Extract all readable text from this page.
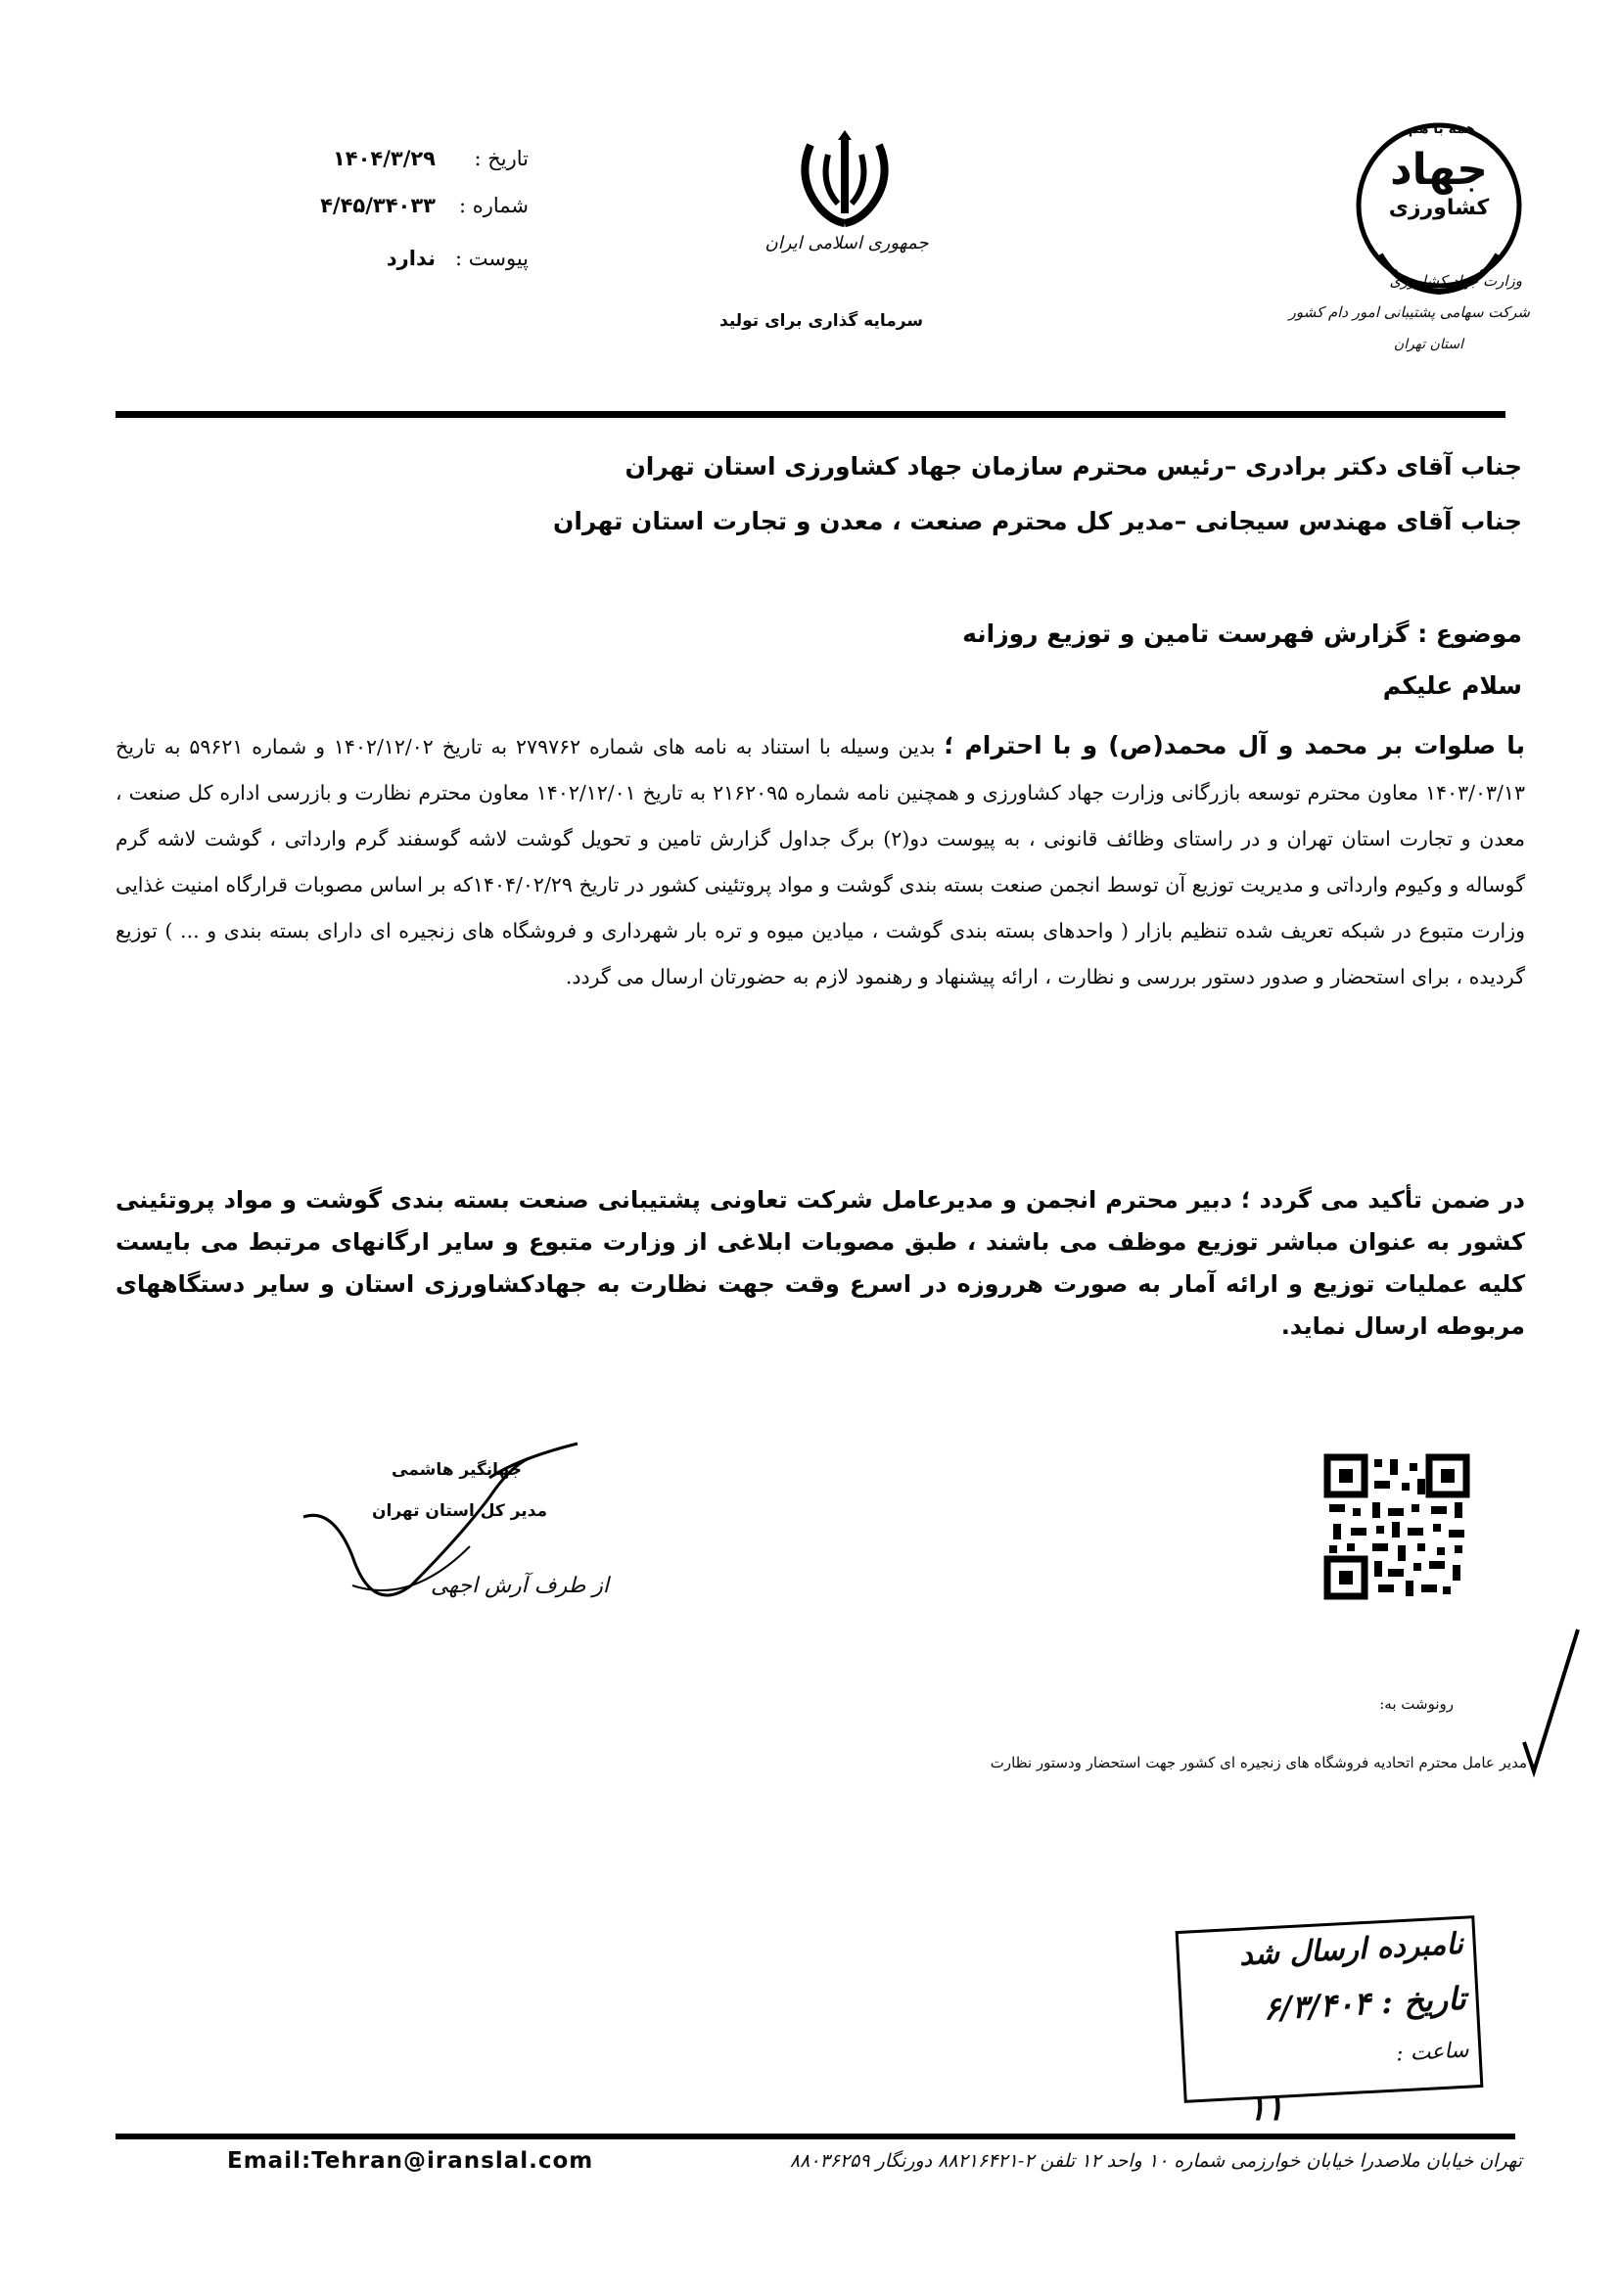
همه با هم
جهاد
کشاورزی
وزارت جهاد کشاورزی
شرکت سهامی پشتیبانی امور دام کشور
استان تهران
جمهوری اسلامی ایران
سرمایه گذاری برای تولید
تاریخ :
۱۴۰۴/۳/۲۹
شماره :
۴/۴۵/۳۴۰۳۳
پیوست :
ندارد
جناب آقای دکتر برادری –رئیس محترم سازمان جهاد کشاورزی استان تهران
جناب آقای مهندس سیجانی –مدیر کل محترم صنعت ، معدن و تجارت استان تهران
موضوع : گزارش فهرست تامین و توزیع روزانه
سلام علیکم
با صلوات بر محمد و آل محمد(ص) و با احترام ؛ بدین وسیله با استناد به نامه های شماره ۲۷۹۷۶۲ به تاریخ ۱۴۰۲/۱۲/۰۲ و شماره ۵۹۶۲۱ به تاریخ ۱۴۰۳/۰۳/۱۳ معاون محترم توسعه بازرگانی وزارت جهاد کشاورزی و همچنین نامه شماره ۲۱۶۲۰۹۵ به تاریخ ۱۴۰۲/۱۲/۰۱ معاون محترم نظارت و بازرسی اداره کل صنعت ، معدن و تجارت استان تهران و در راستای وظائف قانونی ، به پیوست دو(۲) برگ جداول گزارش تامین و تحویل گوشت لاشه گوسفند گرم وارداتی ، گوشت لاشه گرم گوساله و وکیوم وارداتی و مدیریت توزیع آن توسط انجمن صنعت بسته بندی گوشت و مواد پروتئینی کشور در تاریخ ۱۴۰۴/۰۲/۲۹که بر اساس مصوبات قرارگاه امنیت غذایی وزارت متبوع در شبکه تعریف شده تنظیم بازار ( واحدهای بسته بندی گوشت ، میادین میوه و تره بار شهرداری و فروشگاه های زنجیره ای دارای بسته بندی و ... ) توزیع گردیده ، برای استحضار و صدور دستور بررسی و نظارت ، ارائه پیشنهاد و رهنمود لازم به حضورتان ارسال می گردد.
در ضمن تأکید می گردد ؛ دبیر محترم انجمن و مدیرعامل شرکت تعاونی پشتیبانی صنعت بسته بندی گوشت و مواد پروتئینی کشور به عنوان مباشر توزیع موظف می باشند ، طبق مصوبات ابلاغی از وزارت متبوع و سایر ارگانهای مرتبط می بایست کلیه عملیات توزیع و ارائه آمار به صورت هرروزه در اسرع وقت جهت نظارت به جهادکشاورزی استان و سایر دستگاههای مربوطه ارسال نماید.
جهانگیر هاشمی
مدیر کل استان تهران
از طرف آرش اجهی
رونوشت به:
مدیر عامل محترم اتحادیه فروشگاه های زنجیره ای کشور جهت استحضار ودستور نظارت
نامبرده ارسال شد
تاریخ : ۶/۳/۴۰۴
ساعت :
۱۱
Email:Tehran@iranslal.com	تهران خیابان ملاصدرا خیابان خوارزمی شماره ۱۰ واحد ۱۲ تلفن ۲-۸۸۲۱۶۴۲۱ دورنگار ۸۸۰۳۶۲۵۹
